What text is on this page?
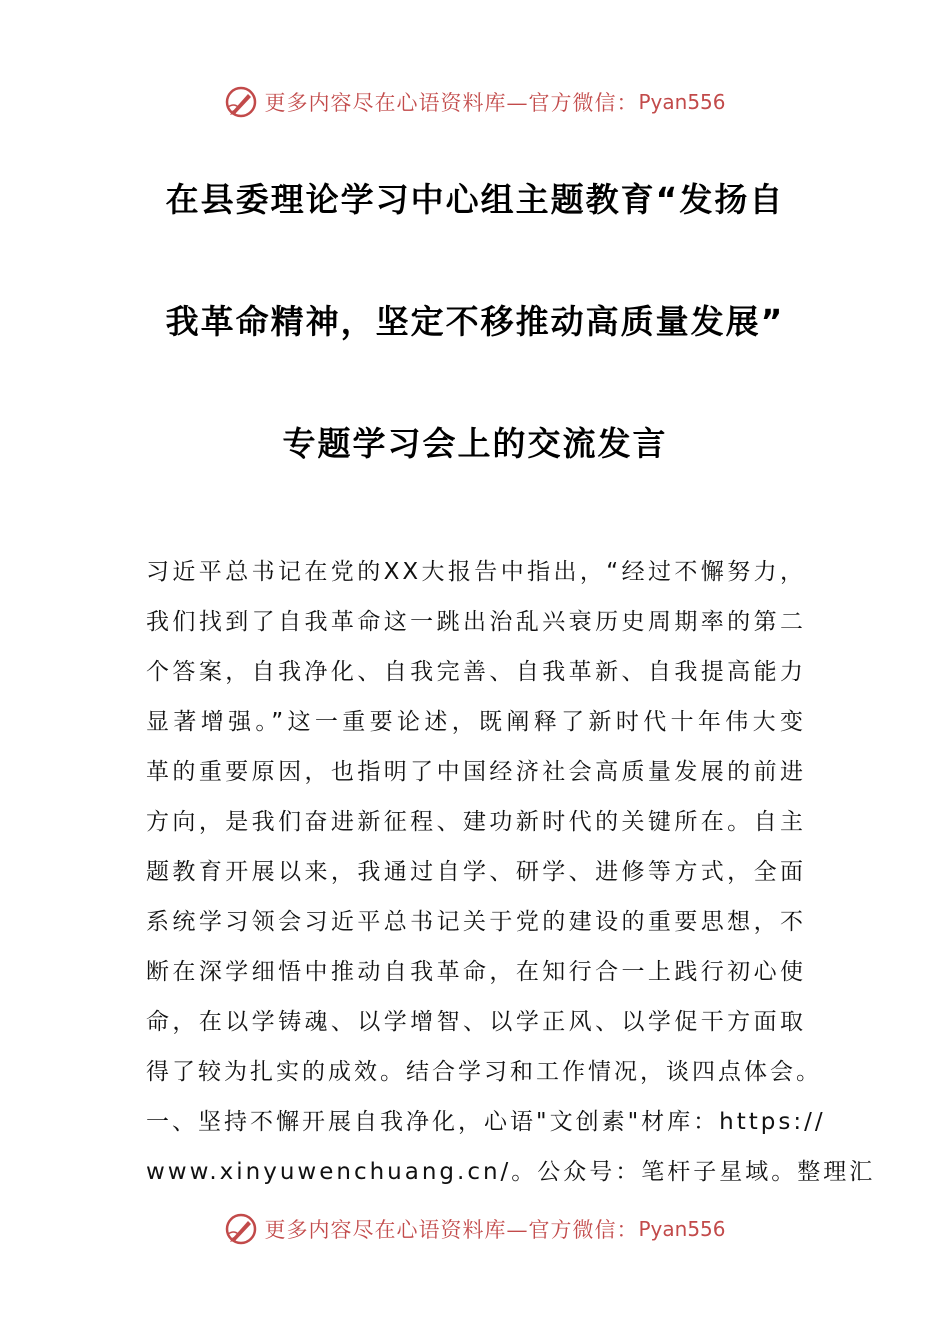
更多内容尽在心语资料库—官方微信： Pyan556
在县委理论学习中心组主题教育“发扬自
我革命精神，坚定不移推动高质量发展”
专题学习会上的交流发言
习近平总书记在党的XX大报告中指出，“经过不懈努力，
我们找到了自我革命这一跳出治乱兴衰历史周期率的第二
个答案，自我净化、自我完善、自我革新、自我提高能力
显著增强。”这一重要论述，既阐释了新时代十年伟大变
革的重要原因，也指明了中国经济社会高质量发展的前进
方向，是我们奋进新征程、建功新时代的关键所在。自主
题教育开展以来，我通过自学、研学、进修等方式，全面
系统学习领会习近平总书记关于党的建设的重要思想，不
断在深学细悟中推动自我革命，在知行合一上践行初心使
命，在以学铸魂、以学增智、以学正风、以学促干方面取
得了较为扎实的成效。结合学习和工作情况，谈四点体会。
一、坚持不懈开展自我净化，心语"文创素"材库：https://
www.xinyuwenchuang.cn/。公众号：笔杆子星域。整理汇
更多内容尽在心语资料库—官方微信： Pyan556
